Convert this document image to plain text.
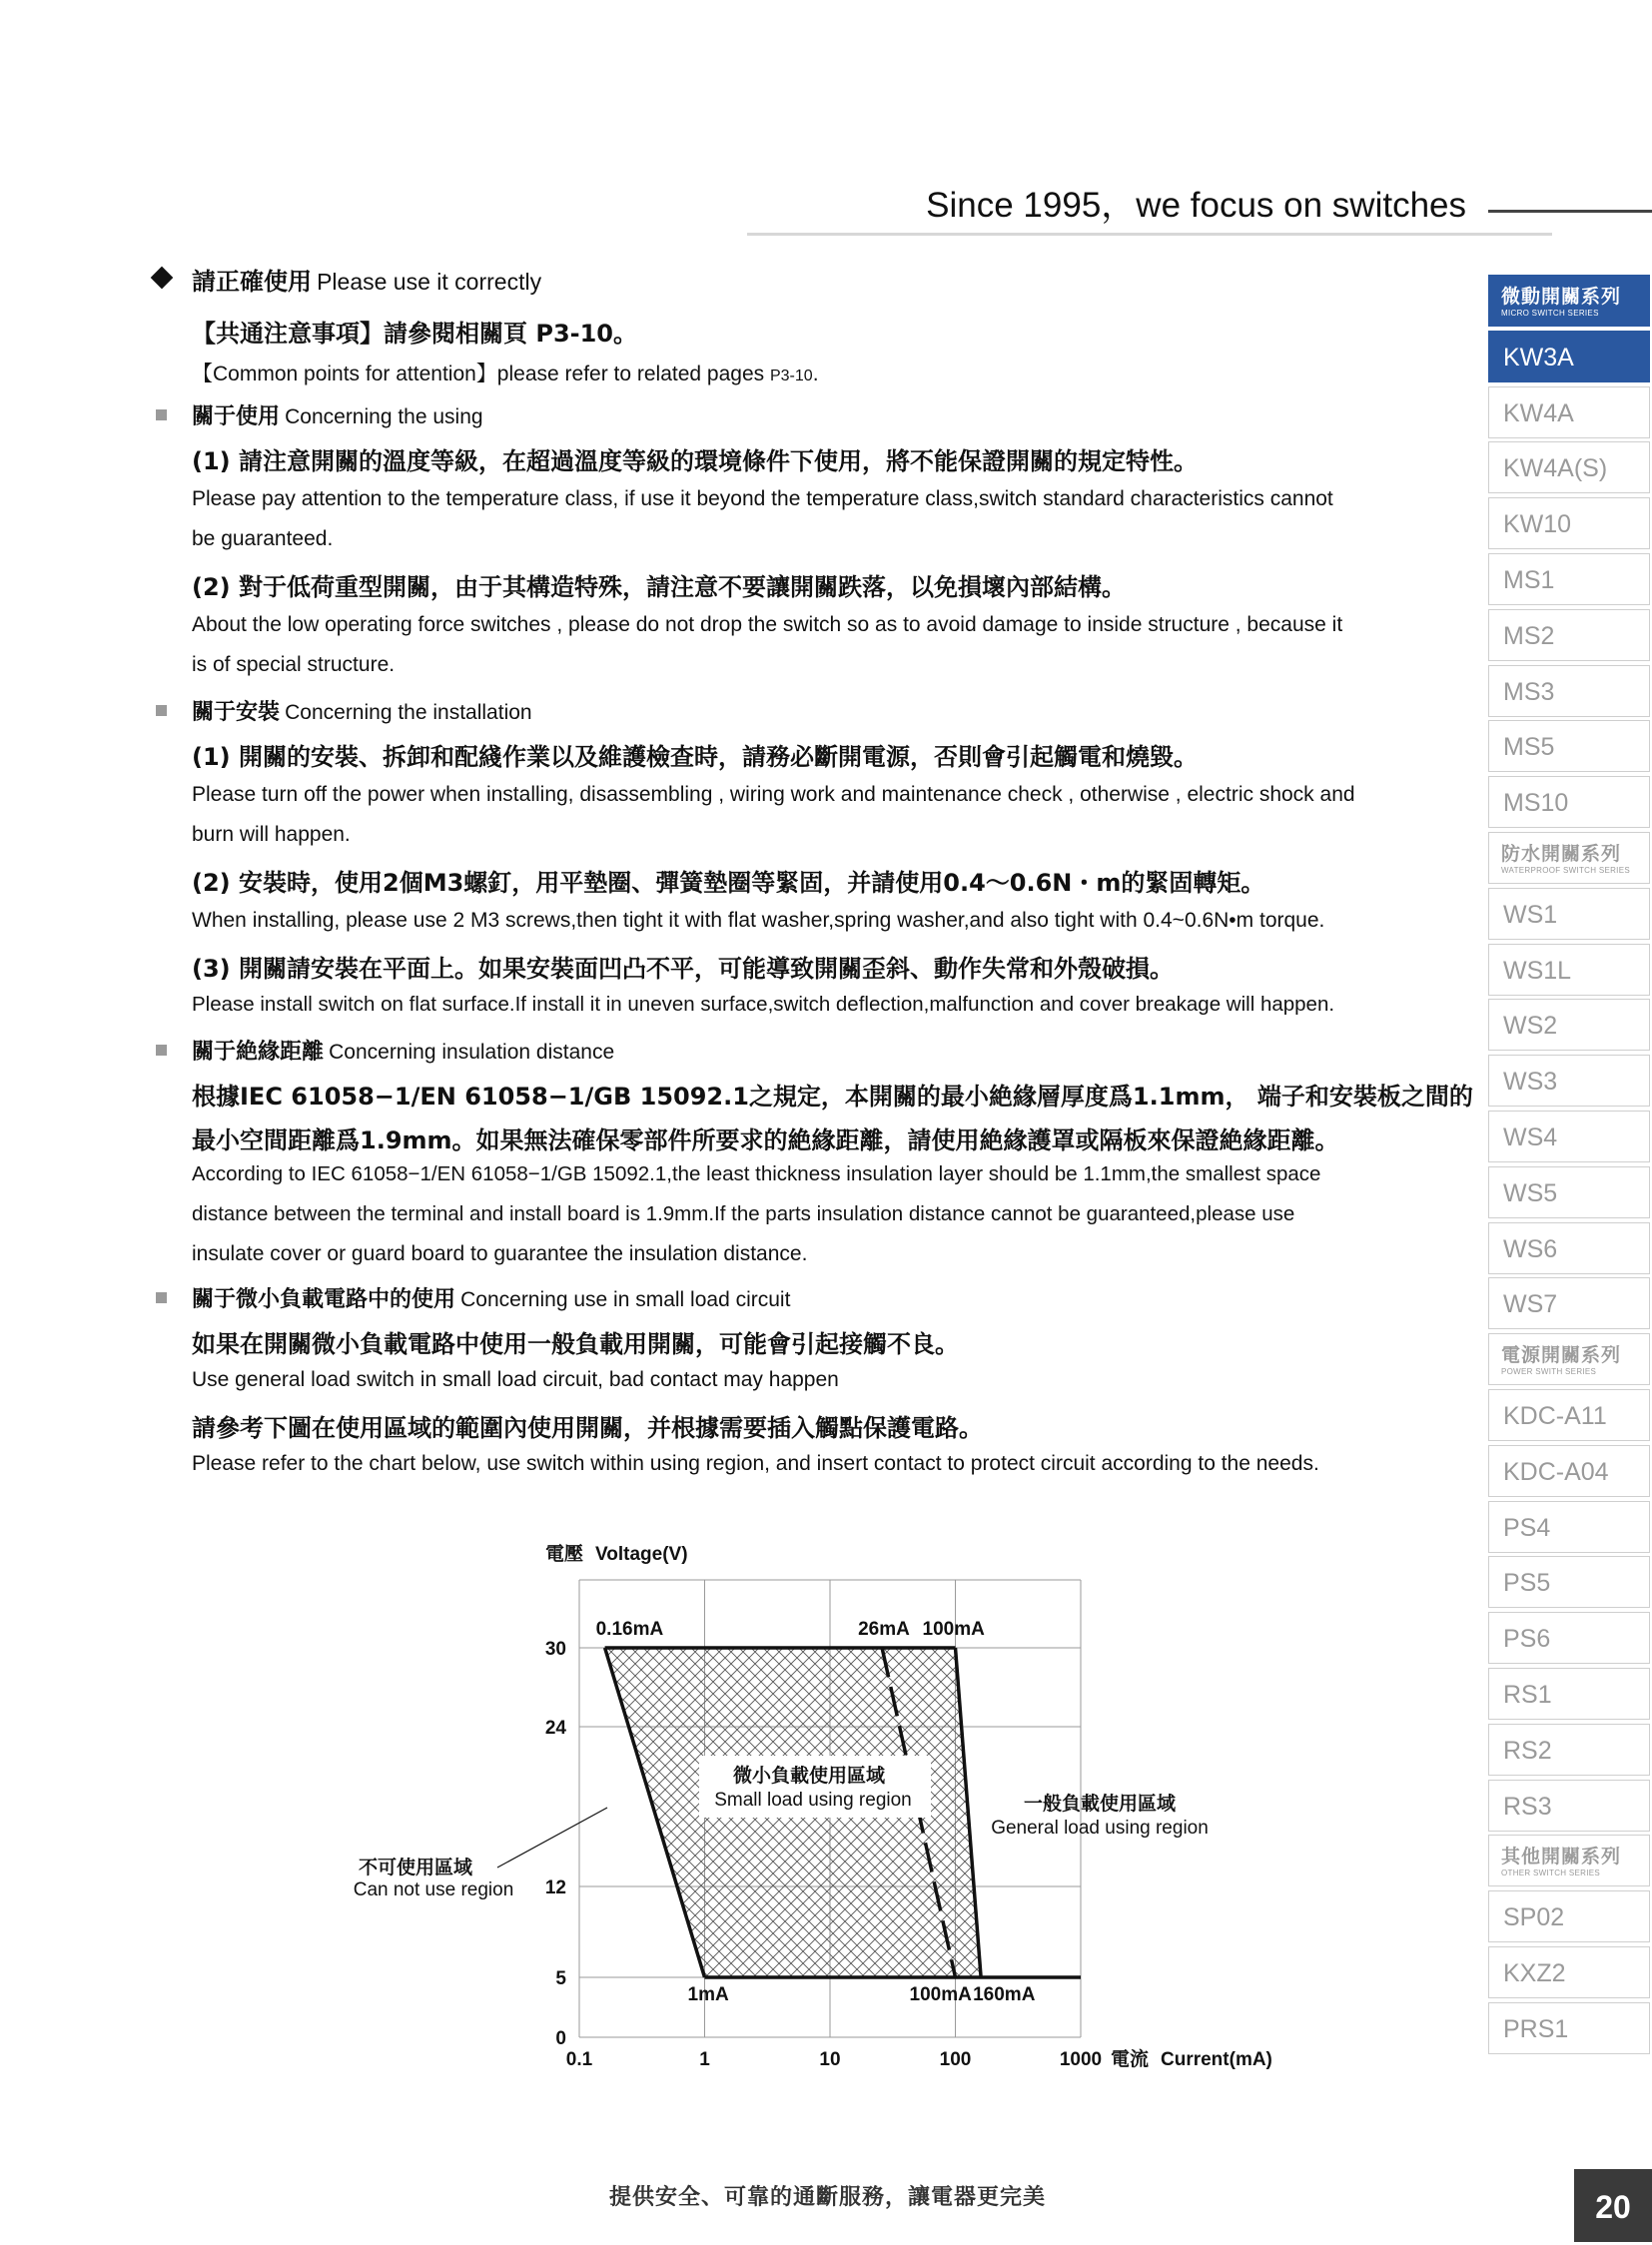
Since 1995，we focus on switches
請正確使用 Please use it correctly
【共通注意事項】請參閱相關頁 P3-10。
【Common points for attention】please refer to related pages P3-10.
關于使用 Concerning the using
(1) 請注意開關的溫度等級，在超過溫度等級的環境條件下使用，將不能保證開關的規定特性。
Please pay attention to the temperature class, if use it beyond the temperature class,switch standard characteristics cannot
be guaranteed.
(2) 對于低荷重型開關，由于其構造特殊，請注意不要讓開關跌落，以免損壞內部結構。
About the low operating force switches , please do not drop the switch so as to avoid damage to inside structure , because it
is of special structure.
關于安裝 Concerning the installation
(1) 開關的安裝、拆卸和配綫作業以及維護檢查時，請務必斷開電源，否則會引起觸電和燒毀。
Please turn off the power when installing, disassembling , wiring work and maintenance check , otherwise , electric shock and
burn will happen.
(2) 安裝時，使用2個M3螺釘，用平墊圈、彈簧墊圈等緊固，并請使用0.4～0.6N・m的緊固轉矩。
When installing, please use 2 M3 screws,then tight it with flat washer,spring washer,and also tight with 0.4~0.6N•m torque.
(3) 開關請安裝在平面上。如果安裝面凹凸不平，可能導致開關歪斜、動作失常和外殼破損。
Please install switch on flat surface.If install it in uneven surface,switch deflection,malfunction and cover breakage will happen.
關于絶緣距離 Concerning insulation distance
根據IEC 61058−1/EN 61058−1/GB 15092.1之規定，本開關的最小絶緣層厚度爲1.1mm， 端子和安裝板之間的
最小空間距離爲1.9mm。如果無法確保零部件所要求的絶緣距離，請使用絶緣護罩或隔板來保證絶緣距離。
According to IEC 61058−1/EN 61058−1/GB 15092.1,the least thickness insulation layer should be 1.1mm,the smallest space
distance between the terminal and install board is 1.9mm.If the parts insulation distance cannot be guaranteed,please use
insulate cover or guard board to guarantee the insulation distance.
關于微小負載電路中的使用 Concerning use in small load circuit
如果在開關微小負載電路中使用一般負載用開關，可能會引起接觸不良。
Use general load switch in small load circuit, bad contact may happen
請參考下圖在使用區域的範圍內使用開關，并根據需要插入觸點保護電路。
Please refer to the chart below, use switch within using region, and insert contact to protect circuit according to the needs.
微動開關系列
MICRO SWITCH SERIES
KW3A
KW4A
KW4A(S)
KW10
MS1
MS2
MS3
MS5
MS10
防水開關系列
WATERPROOF SWITCH SERIES
WS1
WS1L
WS2
WS3
WS4
WS5
WS6
WS7
電源開關系列
POWER SWITH SERIES
KDC-A11
KDC-A04
PS4
PS5
PS6
RS1
RS2
RS3
其他開關系列
OTHER SWITCH SERIES
SP02
KXZ2
PRS1
0.1	1	10	100	1000
0
5
12
24
30
電壓 Voltage(V)
電流 Current(mA)
0.16mA	26mA 100mA
1mA	100mA 160mA
微小負載使用區域
Small load using region	一般負載使用區域
General load using region
不可使用區域
Can not use region
提供安全、可靠的通斷服務，讓電器更完美	20
